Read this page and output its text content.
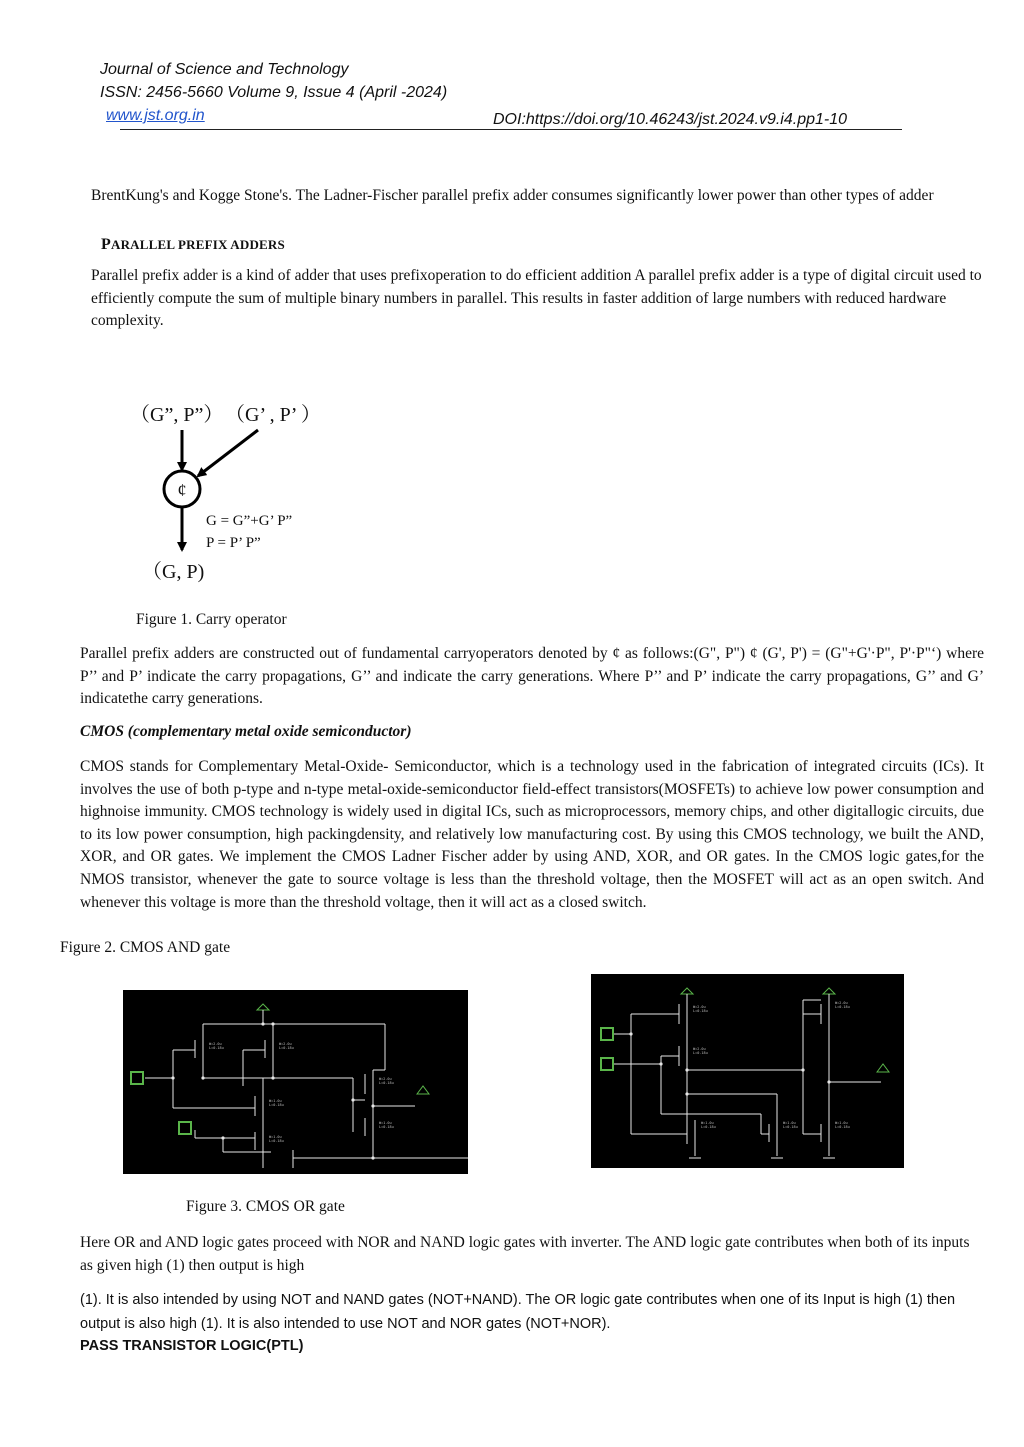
Journal of Science and Technology
ISSN: 2456-5660 Volume 9, Issue 4 (April -2024)
www.jst.org.in	DOI:https://doi.org/10.46243/jst.2024.v9.i4.pp1-10
BrentKung's and Kogge Stone's. The Ladner-Fischer parallel prefix adder consumes significantly lower power than other types of adder
PARALLEL PREFIX ADDERS
Parallel prefix adder is a kind of adder that uses prefixoperation to do efficient addition A parallel prefix adder is a type of digital circuit used to efficiently compute the sum of multiple binary numbers in parallel. This results in faster addition of large numbers with reduced hardware complexity.
（G”, P”） （G’ , P’ ）
¢
G = G”+G’ P”
P = P’ P”
（G, P)
Figure 1. Carry operator
Parallel prefix adders are constructed out of fundamental carryoperators denoted by ¢ as follows:(G", P") ¢ (G', P') = (G"+G'·P", P'·P"‘) where P’’ and P’ indicate the carry propagations, G’’ and indicate the carry generations. Where P’’ and P’ indicate the carry propagations, G’’ and G’ indicatethe carry generations.
CMOS (complementary metal oxide semiconductor)
CMOS stands for Complementary Metal-Oxide- Semiconductor, which is a technology used in the fabrication of integrated circuits (ICs). It involves the use of both p-type and n-type metal-oxide-semiconductor field-effect transistors(MOSFETs) to achieve low power consumption and highnoise immunity. CMOS technology is widely used in digital ICs, such as microprocessors, memory chips, and other digitallogic circuits, due to its low power consumption, high packingdensity, and relatively low manufacturing cost. By using this CMOS technology, we built the AND, XOR, and OR gates. We implement the CMOS Ladner Fischer adder by using AND, XOR, and OR gates. In the CMOS logic gates,for the NMOS transistor, whenever the gate to source voltage is less than the threshold voltage, then the MOSFET will act as an open switch. And whenever this voltage is more than the threshold voltage, then it will act as a closed switch.
Figure 2. CMOS AND gate
W=2.0u
L=0.18u
W=2.0u
L=0.18u
W=1.0u
L=0.18u
W=1.0u
L=0.18u
W=2.0u
L=0.18u
W=1.0u
L=0.18u
W=2.0u
L=0.18u
W=2.0u
L=0.18u
W=1.0u
L=0.18u
W=1.0u
L=0.18u
W=2.0u
L=0.18u
W=1.0u
L=0.18u
Figure 3. CMOS OR gate
Here OR and AND logic gates proceed with NOR and NAND logic gates with inverter. The AND logic gate contributes when both of its inputs as given high (1) then output is high
(1). It is also intended by using NOT and NAND gates (NOT+NAND). The OR logic gate contributes when one of its Input is high (1) then output is also high (1). It is also intended to use NOT and NOR gates (NOT+NOR).
PASS TRANSISTOR LOGIC(PTL)
